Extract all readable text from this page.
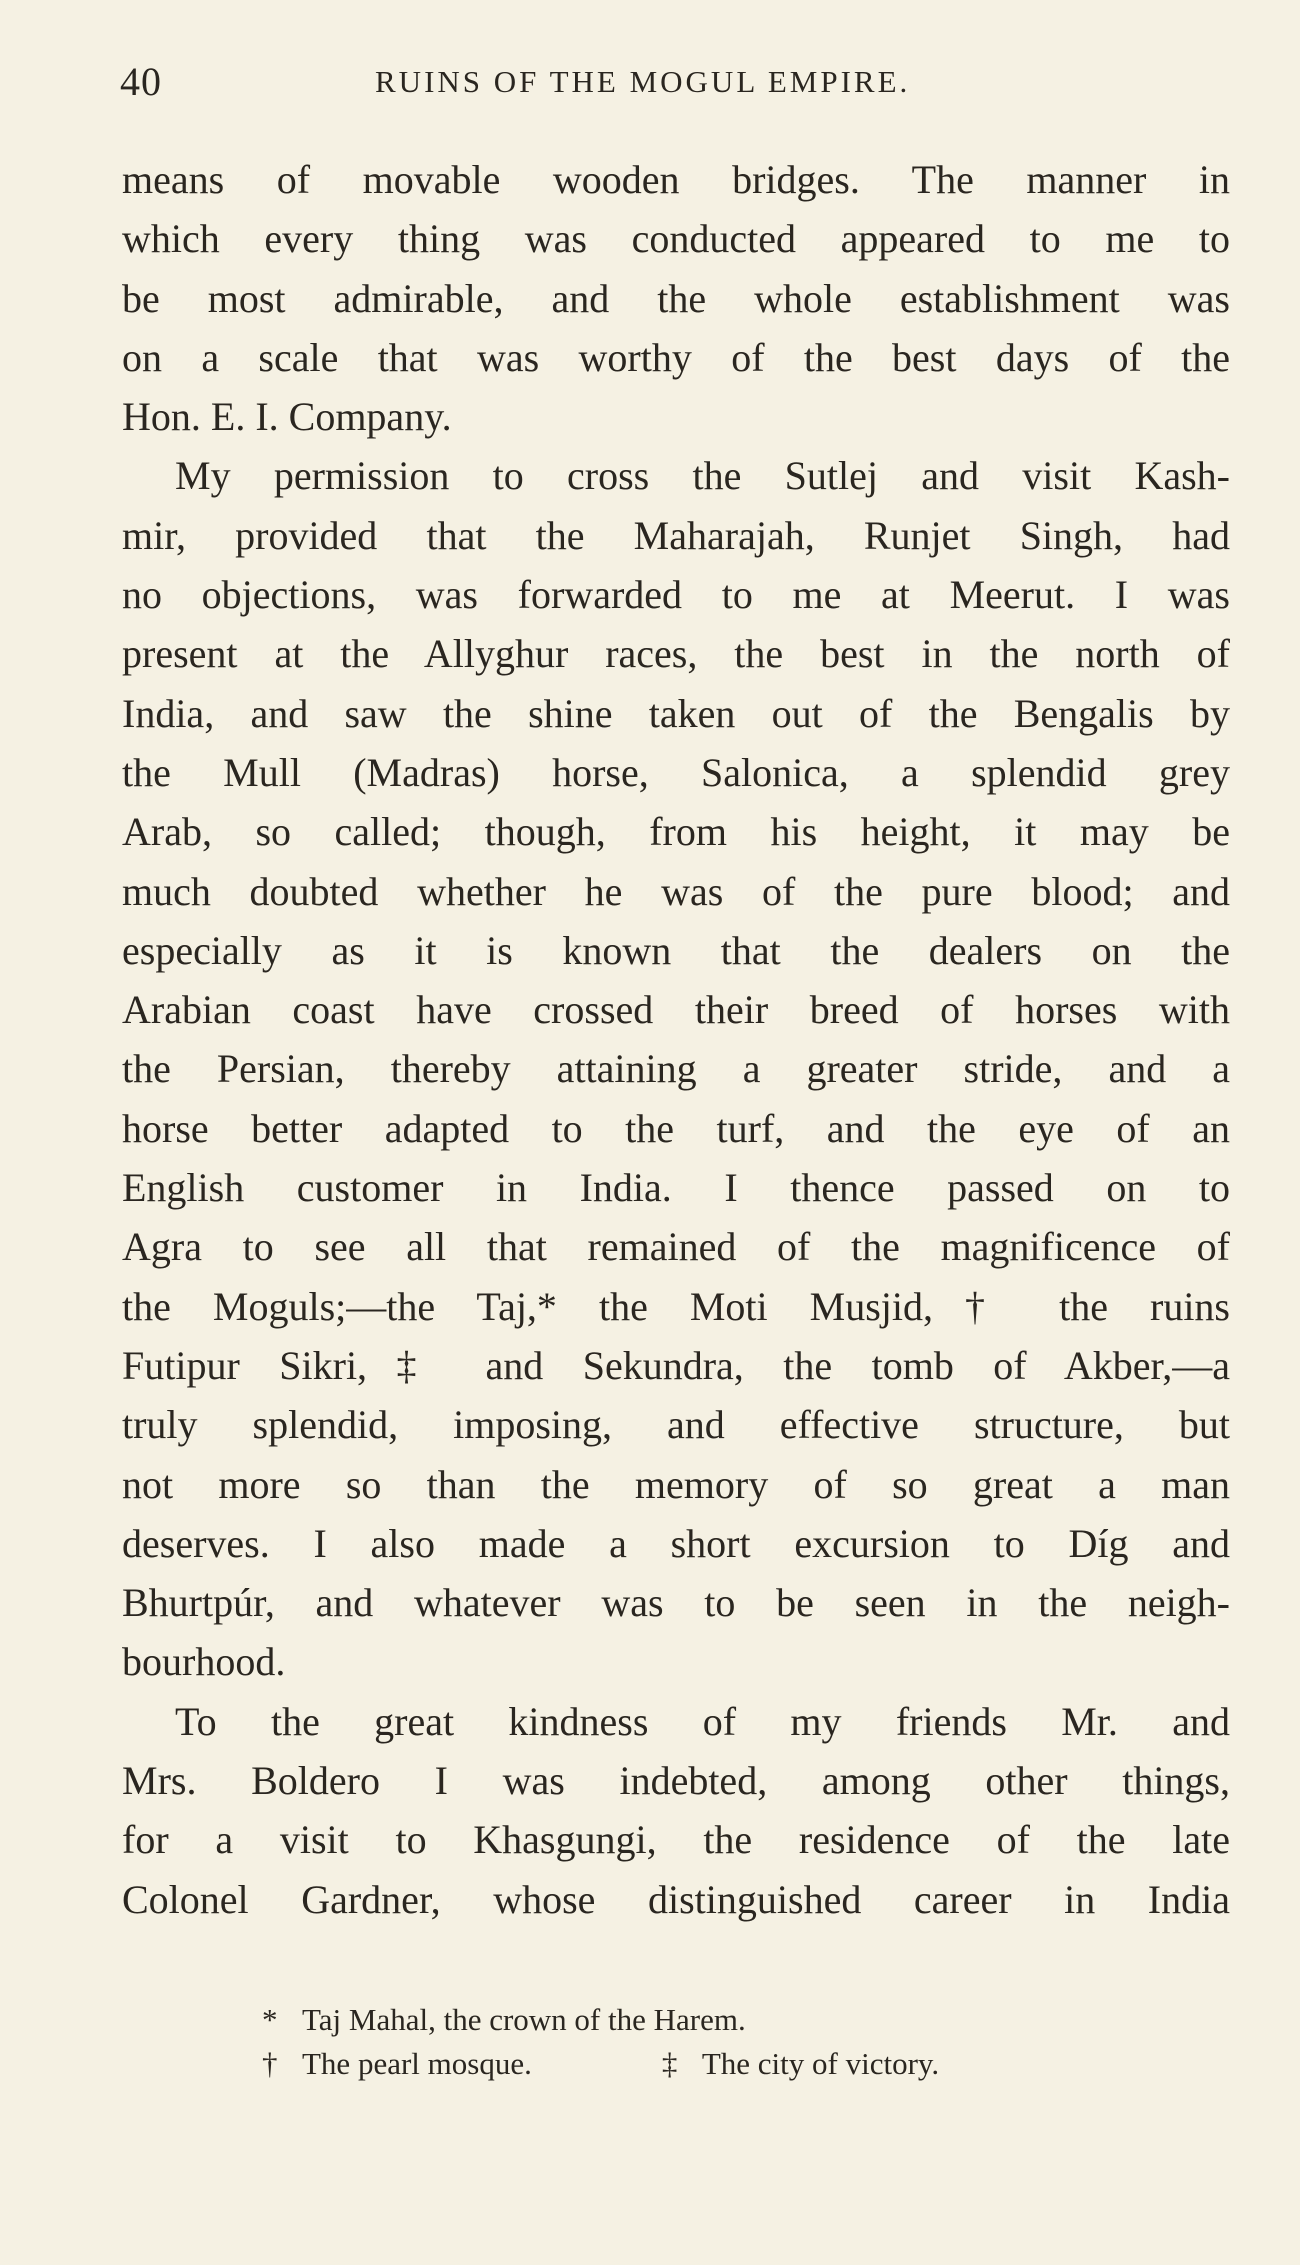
40	RUINS OF THE MOGUL EMPIRE.
means of movable wooden bridges. The manner in
which every thing was conducted appeared to me to
be most admirable, and the whole establishment was
on a scale that was worthy of the best days of the
Hon. E. I. Company.
My permission to cross the Sutlej and visit Kash-
mir, provided that the Maharajah, Runjet Singh, had
no objections, was forwarded to me at Meerut. I was
present at the Allyghur races, the best in the north of
India, and saw the shine taken out of the Bengalis by
the Mull (Madras) horse, Salonica, a splendid grey
Arab, so called; though, from his height, it may be
much doubted whether he was of the pure blood; and
especially as it is known that the dealers on the
Arabian coast have crossed their breed of horses with
the Persian, thereby attaining a greater stride, and a
horse better adapted to the turf, and the eye of an
English customer in India. I thence passed on to
Agra to see all that remained of the magnificence of
the Moguls;—the Taj,* the Moti Musjid,† the ruins
Futipur Sikri,‡ and Sekundra, the tomb of Akber,—a
truly splendid, imposing, and effective structure, but
not more so than the memory of so great a man
deserves. I also made a short excursion to Díg and
Bhurtpúr, and whatever was to be seen in the neigh-
bourhood.
To the great kindness of my friends Mr. and
Mrs. Boldero I was indebted, among other things,
for a visit to Khasgungi, the residence of the late
Colonel Gardner, whose distinguished career in India
* Taj Mahal, the crown of the Harem.
† The pearl mosque.	‡ The city of victory.
